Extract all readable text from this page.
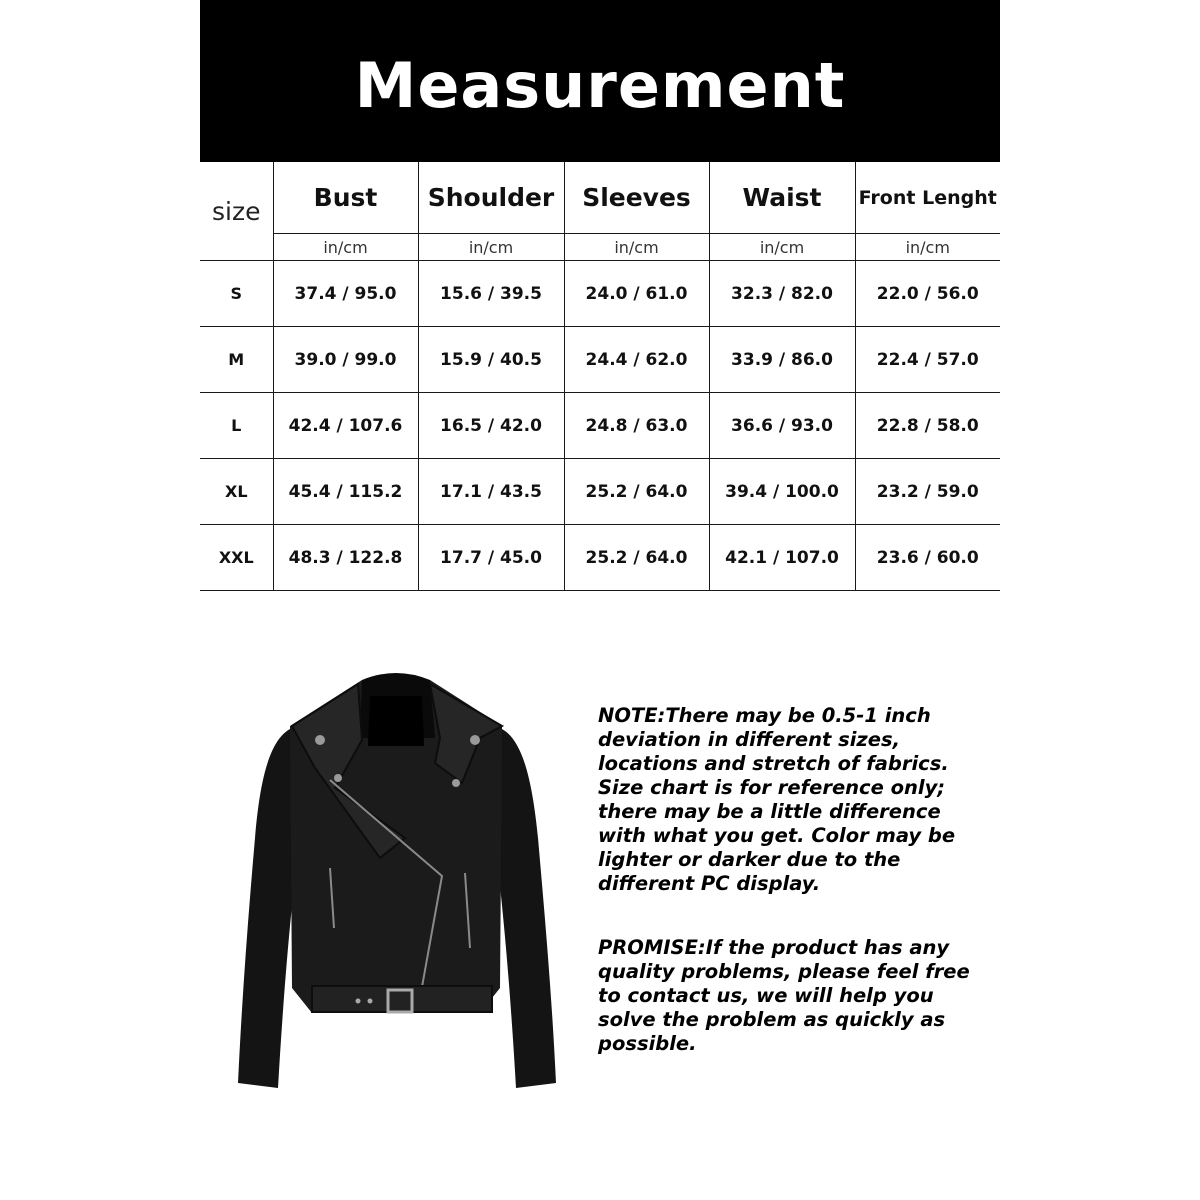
Measurement
size	Bust	Shoulder	Sleeves	Waist	Front Lenght
	in/cm	in/cm	in/cm	in/cm	in/cm
S	37.4 / 95.0	15.6 / 39.5	24.0 / 61.0	32.3 / 82.0	22.0 / 56.0
M	39.0 / 99.0	15.9 / 40.5	24.4 / 62.0	33.9 / 86.0	22.4 / 57.0
L	42.4 / 107.6	16.5 / 42.0	24.8 / 63.0	36.6 / 93.0	22.8 / 58.0
XL	45.4 / 115.2	17.1 / 43.5	25.2 / 64.0	39.4 / 100.0	23.2 / 59.0
XXL	48.3 / 122.8	17.7 / 45.0	25.2 / 64.0	42.1 / 107.0	23.6 / 60.0

NOTE:There may be 0.5-1 inch deviation in different sizes, locations and stretch of fabrics. Size chart is for reference only; there may be a little difference with what you get. Color may be lighter or darker due to the different PC display.

PROMISE:If the product has any quality problems, please feel free to contact us, we will help you solve the problem as quickly as possible.
